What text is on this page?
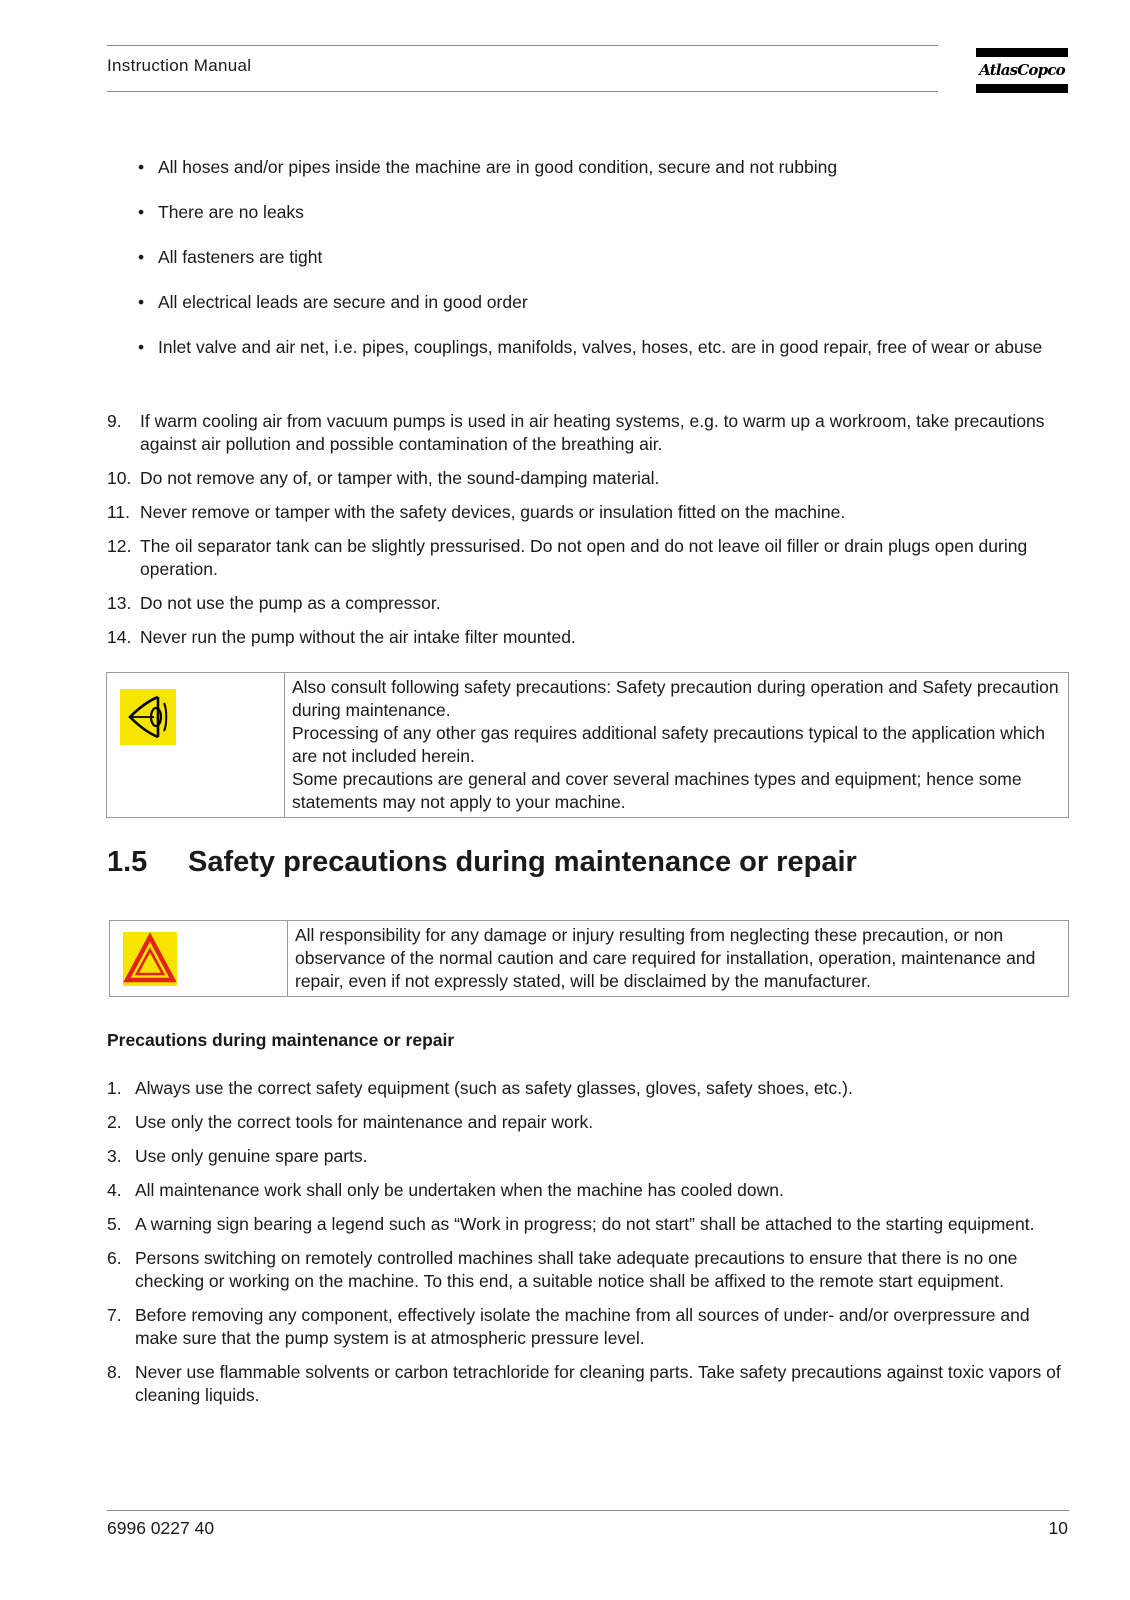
Instruction Manual	AtlasCopco
• All hoses and/or pipes inside the machine are in good condition, secure and not rubbing
• There are no leaks
• All fasteners are tight
• All electrical leads are secure and in good order
• Inlet valve and air net, i.e. pipes, couplings, manifolds, valves, hoses, etc. are in good repair, free of wear or abuse
9. If warm cooling air from vacuum pumps is used in air heating systems, e.g. to warm up a workroom, take precautions against air pollution and possible contamination of the breathing air.
10. Do not remove any of, or tamper with, the sound-damping material.
11. Never remove or tamper with the safety devices, guards or insulation fitted on the machine.
12. The oil separator tank can be slightly pressurised. Do not open and do not leave oil filler or drain plugs open during operation.
13. Do not use the pump as a compressor.
14. Never run the pump without the air intake filter mounted.
Also consult following safety precautions: Safety precaution during operation and Safety precaution during maintenance.
Processing of any other gas requires additional safety precautions typical to the application which are not included herein.
Some precautions are general and cover several machines types and equipment; hence some statements may not apply to your machine.
1.5 Safety precautions during maintenance or repair
All responsibility for any damage or injury resulting from neglecting these precaution, or non observance of the normal caution and care required for installation, operation, maintenance and repair, even if not expressly stated, will be disclaimed by the manufacturer.
Precautions during maintenance or repair
1. Always use the correct safety equipment (such as safety glasses, gloves, safety shoes, etc.).
2. Use only the correct tools for maintenance and repair work.
3. Use only genuine spare parts.
4. All maintenance work shall only be undertaken when the machine has cooled down.
5. A warning sign bearing a legend such as “Work in progress; do not start” shall be attached to the starting equipment.
6. Persons switching on remotely controlled machines shall take adequate precautions to ensure that there is no one checking or working on the machine. To this end, a suitable notice shall be affixed to the remote start equipment.
7. Before removing any component, effectively isolate the machine from all sources of under- and/or overpressure and make sure that the pump system is at atmospheric pressure level.
8. Never use flammable solvents or carbon tetrachloride for cleaning parts. Take safety precautions against toxic vapors of cleaning liquids.
6996 0227 40	10
